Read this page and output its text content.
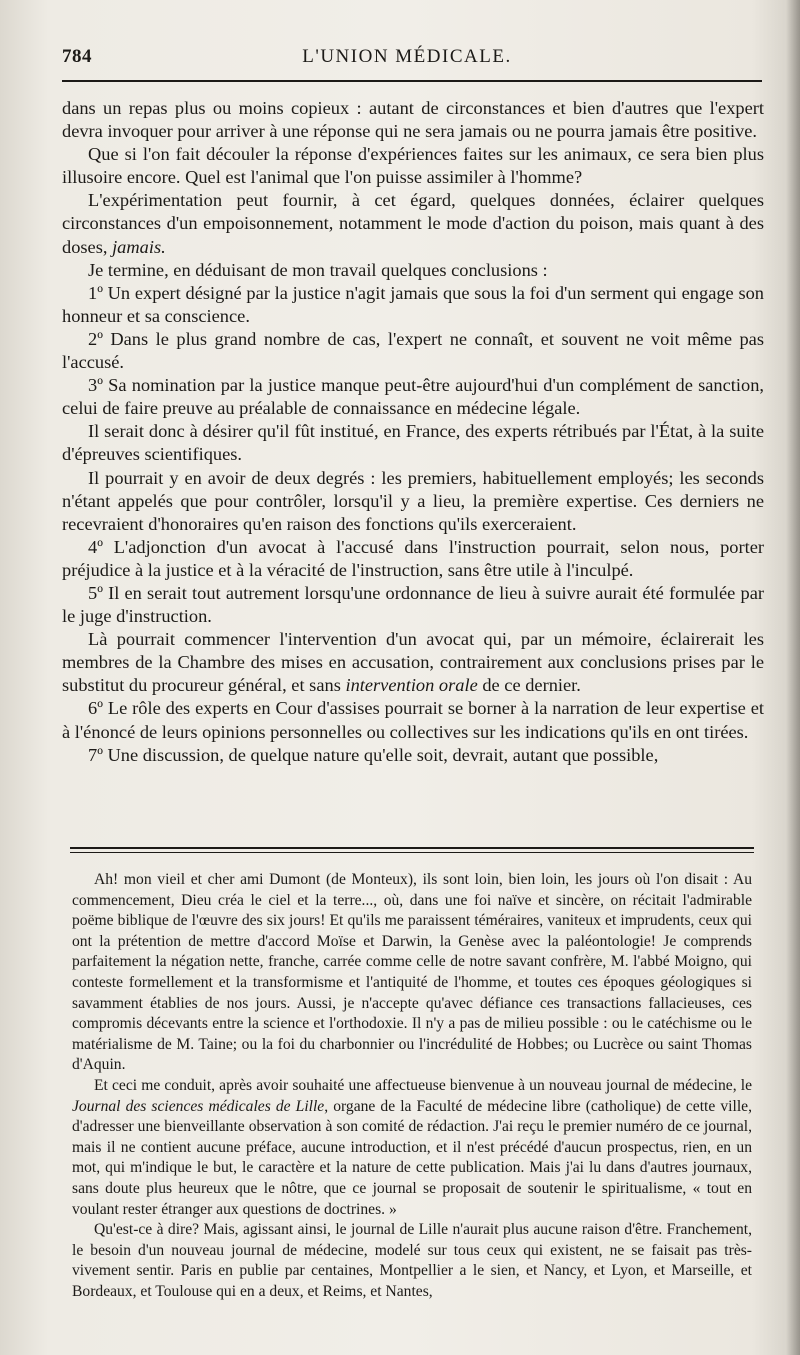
L'UNION MÉDICALE.
784

dans un repas plus ou moins copieux : autant de circonstances et bien d'autres que l'expert devra invoquer pour arriver à une réponse qui ne sera jamais ou ne pourra jamais être positive.

Que si l'on fait découler la réponse d'expériences faites sur les animaux, ce sera bien plus illusoire encore. Quel est l'animal que l'on puisse assimiler à l'homme?

L'expérimentation peut fournir, à cet égard, quelques données, éclairer quelques circonstances d'un empoisonnement, notamment le mode d'action du poison, mais quant à des doses, jamais.

Je termine, en déduisant de mon travail quelques conclusions :

1º Un expert désigné par la justice n'agit jamais que sous la foi d'un serment qui engage son honneur et sa conscience.

2º Dans le plus grand nombre de cas, l'expert ne connaît, et souvent ne voit même pas l'accusé.

3º Sa nomination par la justice manque peut-être aujourd'hui d'un complément de sanction, celui de faire preuve au préalable de connaissance en médecine légale.

Il serait donc à désirer qu'il fût institué, en France, des experts rétribués par l'État, à la suite d'épreuves scientifiques.

Il pourrait y en avoir de deux degrés : les premiers, habituellement employés; les seconds n'étant appelés que pour contrôler, lorsqu'il y a lieu, la première expertise. Ces derniers ne recevraient d'honoraires qu'en raison des fonctions qu'ils exerceraient.

4º L'adjonction d'un avocat à l'accusé dans l'instruction pourrait, selon nous, porter préjudice à la justice et à la véracité de l'instruction, sans être utile à l'inculpé.

5º Il en serait tout autrement lorsqu'une ordonnance de lieu à suivre aurait été formulée par le juge d'instruction.

Là pourrait commencer l'intervention d'un avocat qui, par un mémoire, éclairerait les membres de la Chambre des mises en accusation, contrairement aux conclusions prises par le substitut du procureur général, et sans intervention orale de ce dernier.

6º Le rôle des experts en Cour d'assises pourrait se borner à la narration de leur expertise et à l'énoncé de leurs opinions personnelles ou collectives sur les indications qu'ils en ont tirées.

7º Une discussion, de quelque nature qu'elle soit, devrait, autant que possible,

Ah! mon vieil et cher ami Dumont (de Monteux), ils sont loin, bien loin, les jours où l'on disait : Au commencement, Dieu créa le ciel et la terre..., où, dans une foi naïve et sincère, on récitait l'admirable poëme biblique de l'œuvre des six jours! Et qu'ils me paraissent téméraires, vaniteux et imprudents, ceux qui ont la prétention de mettre d'accord Moïse et Darwin, la Genèse avec la paléontologie! Je comprends parfaitement la négation nette, franche, carrée comme celle de notre savant confrère, M. l'abbé Moigno, qui conteste formellement et la transformisme et l'antiquité de l'homme, et toutes ces époques géologiques si savamment établies de nos jours. Aussi, je n'accepte qu'avec défiance ces transactions fallacieuses, ces compromis décevants entre la science et l'orthodoxie. Il n'y a pas de milieu possible : ou le catéchisme ou le matérialisme de M. Taine; ou la foi du charbonnier ou l'incrédulité de Hobbes; ou Lucrèce ou saint Thomas d'Aquin.

Et ceci me conduit, après avoir souhaité une affectueuse bienvenue à un nouveau journal de médecine, le Journal des sciences médicales de Lille, organe de la Faculté de médecine libre (catholique) de cette ville, d'adresser une bienveillante observation à son comité de rédaction. J'ai reçu le premier numéro de ce journal, mais il ne contient aucune préface, aucune introduction, et il n'est précédé d'aucun prospectus, rien, en un mot, qui m'indique le but, le caractère et la nature de cette publication. Mais j'ai lu dans d'autres journaux, sans doute plus heureux que le nôtre, que ce journal se proposait de soutenir le spiritualisme, « tout en voulant rester étranger aux questions de doctrines. »

Qu'est-ce à dire? Mais, agissant ainsi, le journal de Lille n'aurait plus aucune raison d'être. Franchement, le besoin d'un nouveau journal de médecine, modelé sur tous ceux qui existent, ne se faisait pas très-vivement sentir. Paris en publie par centaines, Montpellier a le sien, et Nancy, et Lyon, et Marseille, et Bordeaux, et Toulouse qui en a deux, et Reims, et Nantes,
